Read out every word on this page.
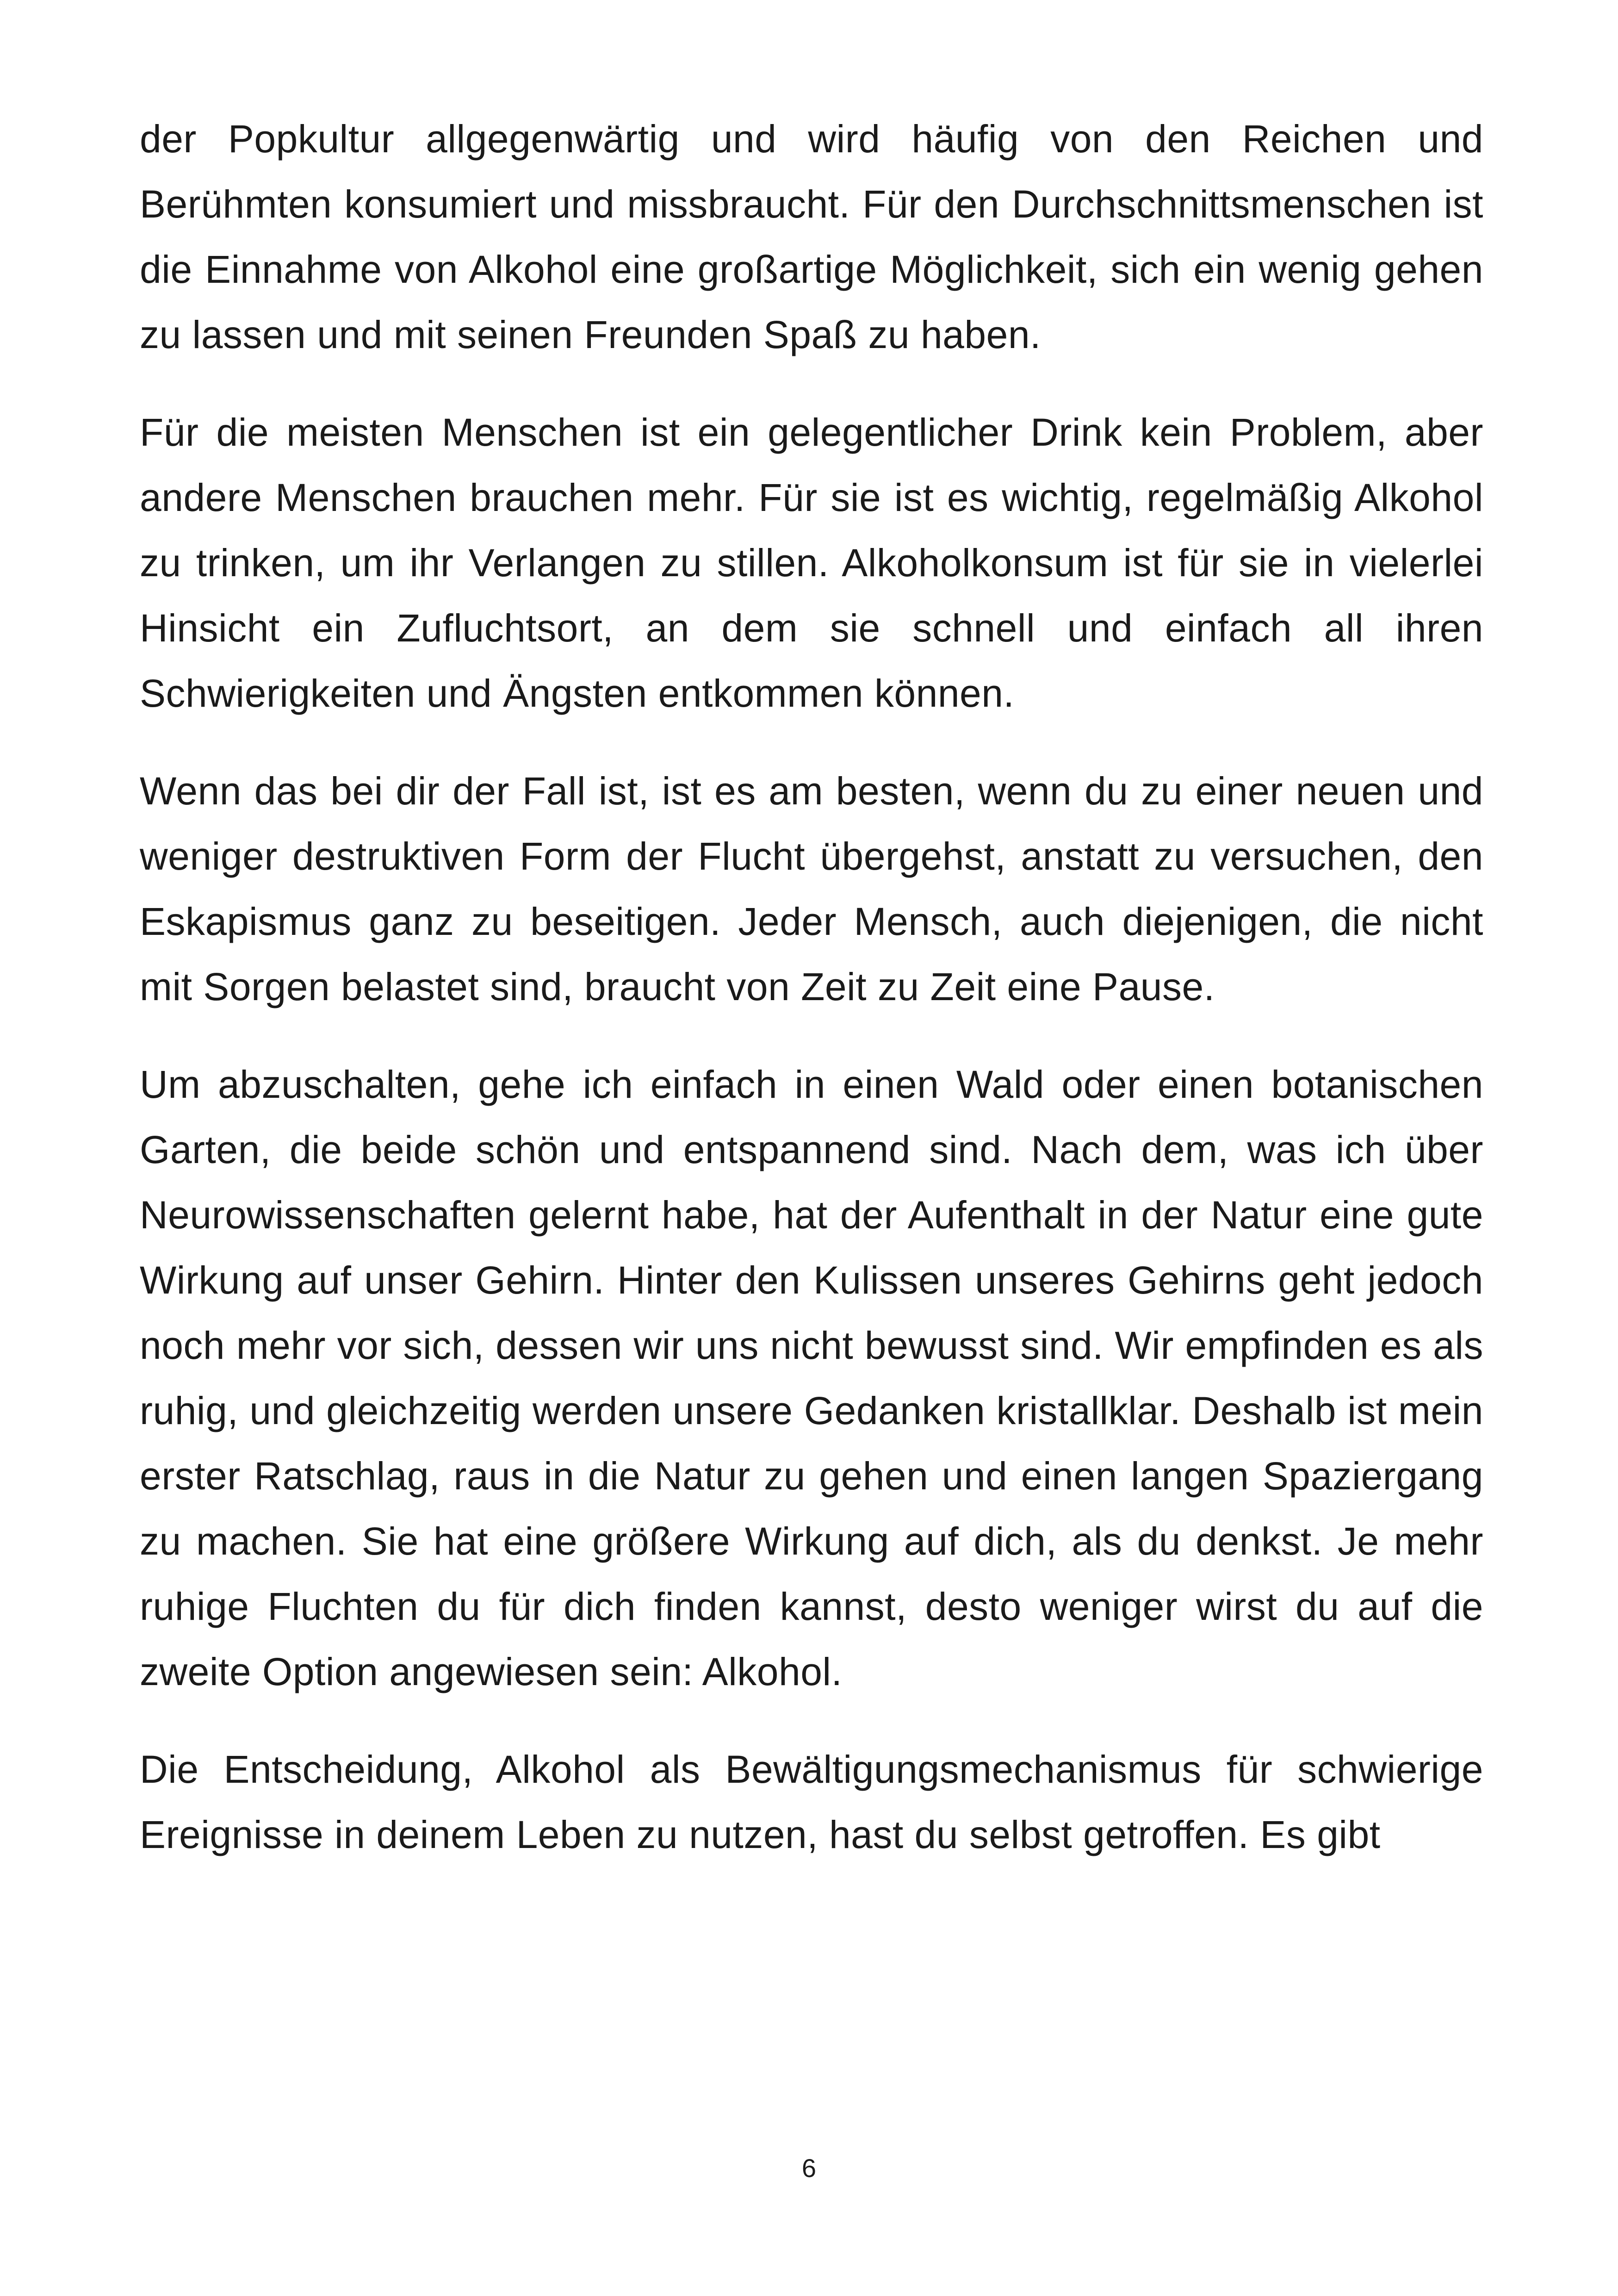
der Popkultur allgegenwärtig und wird häufig von den Reichen und Berühmten konsumiert und missbraucht. Für den Durchschnittsmenschen ist die Einnahme von Alkohol eine großartige Möglichkeit, sich ein wenig gehen zu lassen und mit seinen Freunden Spaß zu haben.

Für die meisten Menschen ist ein gelegentlicher Drink kein Problem, aber andere Menschen brauchen mehr. Für sie ist es wichtig, regelmäßig Alkohol zu trinken, um ihr Verlangen zu stillen. Alkoholkonsum ist für sie in vielerlei Hinsicht ein Zufluchtsort, an dem sie schnell und einfach all ihren Schwierigkeiten und Ängsten entkommen können.

Wenn das bei dir der Fall ist, ist es am besten, wenn du zu einer neuen und weniger destruktiven Form der Flucht übergehst, anstatt zu versuchen, den Eskapismus ganz zu beseitigen. Jeder Mensch, auch diejenigen, die nicht mit Sorgen belastet sind, braucht von Zeit zu Zeit eine Pause.

Um abzuschalten, gehe ich einfach in einen Wald oder einen botanischen Garten, die beide schön und entspannend sind. Nach dem, was ich über Neurowissenschaften gelernt habe, hat der Aufenthalt in der Natur eine gute Wirkung auf unser Gehirn. Hinter den Kulissen unseres Gehirns geht jedoch noch mehr vor sich, dessen wir uns nicht bewusst sind. Wir empfinden es als ruhig, und gleichzeitig werden unsere Gedanken kristallklar. Deshalb ist mein erster Ratschlag, raus in die Natur zu gehen und einen langen Spaziergang zu machen. Sie hat eine größere Wirkung auf dich, als du denkst. Je mehr ruhige Fluchten du für dich finden kannst, desto weniger wirst du auf die zweite Option angewiesen sein: Alkohol.

Die Entscheidung, Alkohol als Bewältigungsmechanismus für schwierige Ereignisse in deinem Leben zu nutzen, hast du selbst getroffen. Es gibt

6
